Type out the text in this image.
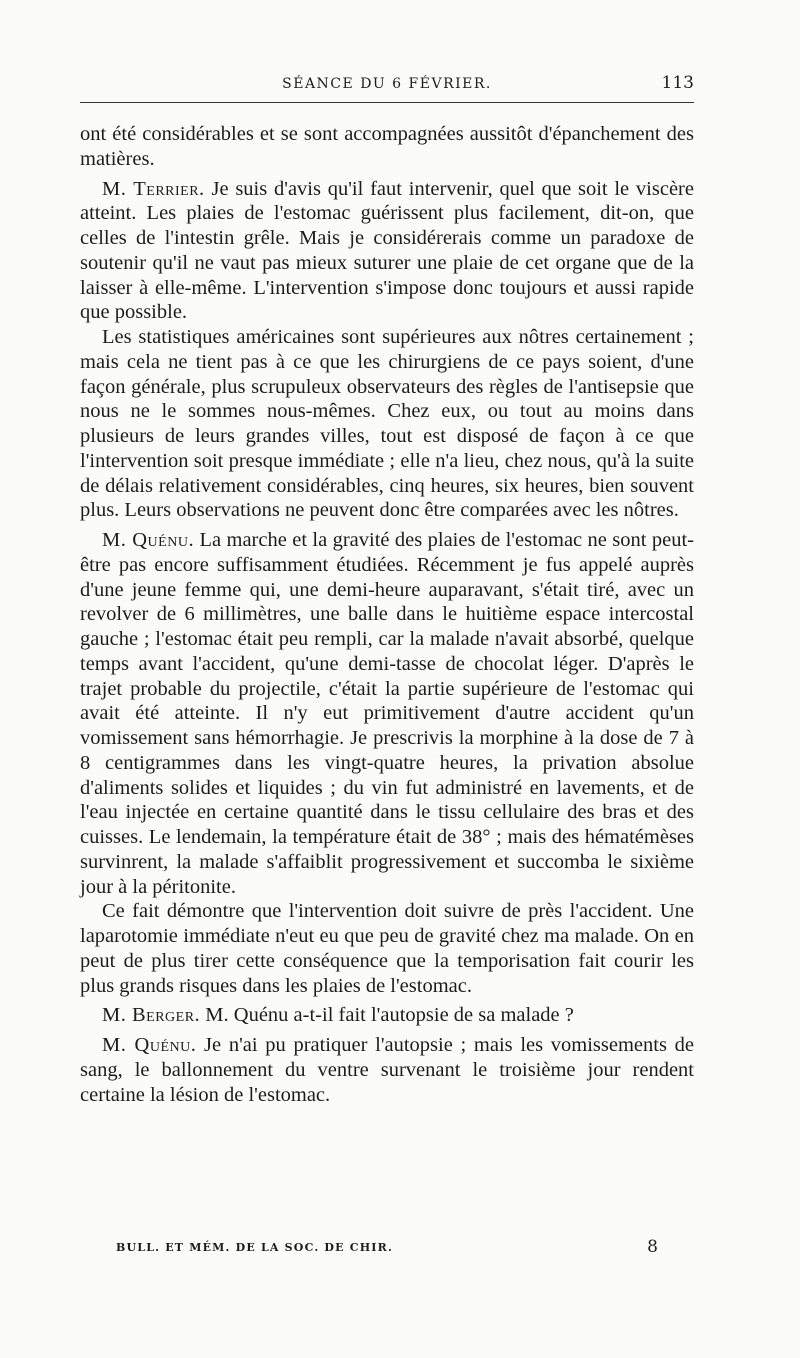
SÉANCE DU 6 FÉVRIER.	113

ont été considérables et se sont accompagnées aussitôt d'épanchement des matières.

M. Terrier. Je suis d'avis qu'il faut intervenir, quel que soit le viscère atteint. Les plaies de l'estomac guérissent plus facilement, dit-on, que celles de l'intestin grêle. Mais je considérerais comme un paradoxe de soutenir qu'il ne vaut pas mieux suturer une plaie de cet organe que de la laisser à elle-même. L'intervention s'impose donc toujours et aussi rapide que possible.

Les statistiques américaines sont supérieures aux nôtres certainement ; mais cela ne tient pas à ce que les chirurgiens de ce pays soient, d'une façon générale, plus scrupuleux observateurs des règles de l'antisepsie que nous ne le sommes nous-mêmes. Chez eux, ou tout au moins dans plusieurs de leurs grandes villes, tout est disposé de façon à ce que l'intervention soit presque immédiate ; elle n'a lieu, chez nous, qu'à la suite de délais relativement considérables, cinq heures, six heures, bien souvent plus. Leurs observations ne peuvent donc être comparées avec les nôtres.

M. Quénu. La marche et la gravité des plaies de l'estomac ne sont peut-être pas encore suffisamment étudiées. Récemment je fus appelé auprès d'une jeune femme qui, une demi-heure auparavant, s'était tiré, avec un revolver de 6 millimètres, une balle dans le huitième espace intercostal gauche ; l'estomac était peu rempli, car la malade n'avait absorbé, quelque temps avant l'accident, qu'une demi-tasse de chocolat léger. D'après le trajet probable du projectile, c'était la partie supérieure de l'estomac qui avait été atteinte. Il n'y eut primitivement d'autre accident qu'un vomissement sans hémorrhagie. Je prescrivis la morphine à la dose de 7 à 8 centigrammes dans les vingt-quatre heures, la privation absolue d'aliments solides et liquides ; du vin fut administré en lavements, et de l'eau injectée en certaine quantité dans le tissu cellulaire des bras et des cuisses. Le lendemain, la température était de 38° ; mais des hématémèses survinrent, la malade s'affaiblit progressivement et succomba le sixième jour à la péritonite.

Ce fait démontre que l'intervention doit suivre de près l'accident. Une laparotomie immédiate n'eut eu que peu de gravité chez ma malade. On en peut de plus tirer cette conséquence que la temporisation fait courir les plus grands risques dans les plaies de l'estomac.

M. Berger. M. Quénu a-t-il fait l'autopsie de sa malade ?

M. Quénu. Je n'ai pu pratiquer l'autopsie ; mais les vomissements de sang, le ballonnement du ventre survenant le troisième jour rendent certaine la lésion de l'estomac.

BULL. ET MÉM. DE LA SOC. DE CHIR.	8
